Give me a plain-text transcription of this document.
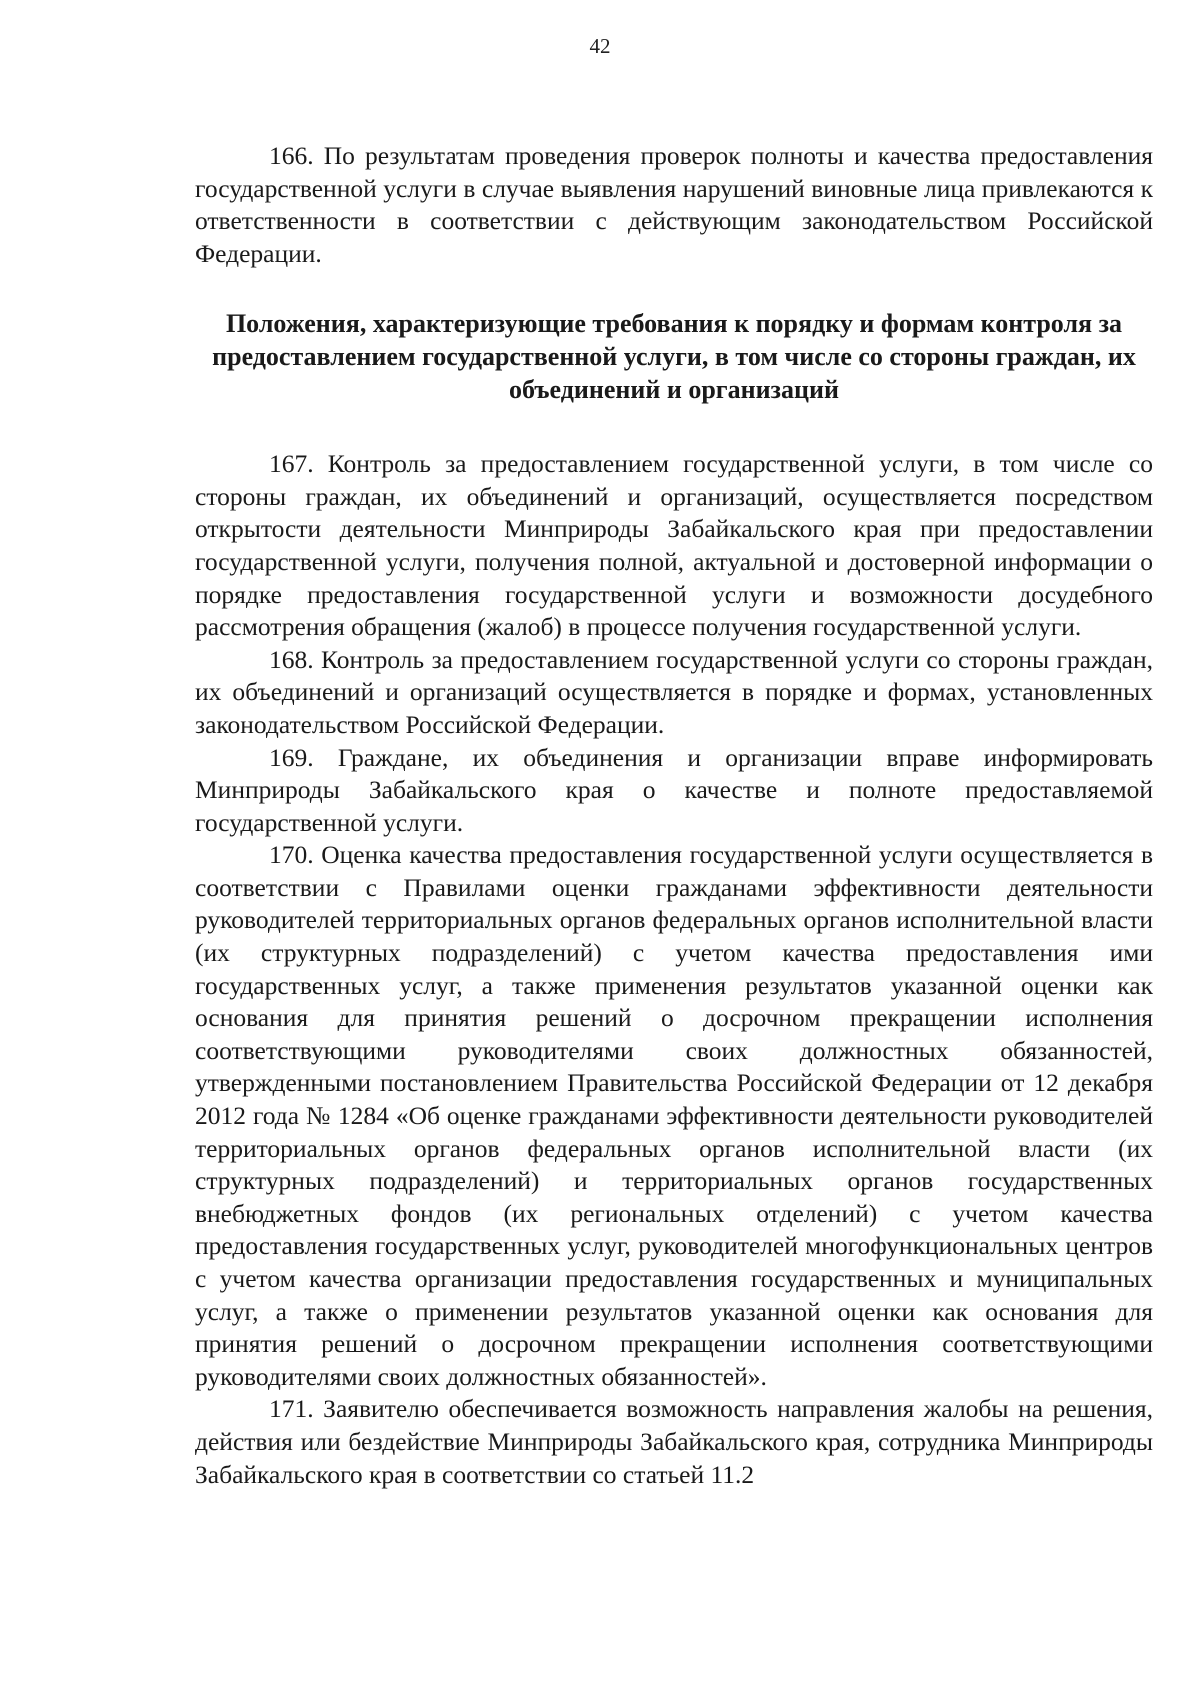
42

166. По результатам проведения проверок полноты и качества предоставления государственной услуги в случае выявления нарушений виновные лица привлекаются к ответственности в соответствии с действующим законодательством Российской Федерации.

Положения, характеризующие требования к порядку и формам контроля за предоставлением государственной услуги, в том числе со стороны граждан, их объединений и организаций

167. Контроль за предоставлением государственной услуги, в том числе со стороны граждан, их объединений и организаций, осуществляется посредством открытости деятельности Минприроды Забайкальского края при предоставлении государственной услуги, получения полной, актуальной и достоверной информации о порядке предоставления государственной услуги и возможности досудебного рассмотрения обращения (жалоб) в процессе получения государственной услуги.

168. Контроль за предоставлением государственной услуги со стороны граждан, их объединений и организаций осуществляется в порядке и формах, установленных законодательством Российской Федерации.

169. Граждане, их объединения и организации вправе информировать Минприроды Забайкальского края о качестве и полноте предоставляемой государственной услуги.

170. Оценка качества предоставления государственной услуги осуществляется в соответствии с Правилами оценки гражданами эффективности деятельности руководителей территориальных органов федеральных органов исполнительной власти (их структурных подразделений) с учетом качества предоставления ими государственных услуг, а также применения результатов указанной оценки как основания для принятия решений о досрочном прекращении исполнения соответствующими руководителями своих должностных обязанностей, утвержденными постановлением Правительства Российской Федерации от 12 декабря 2012 года № 1284 «Об оценке гражданами эффективности деятельности руководителей территориальных органов федеральных органов исполнительной власти (их структурных подразделений) и территориальных органов государственных внебюджетных фондов (их региональных отделений) с учетом качества предоставления государственных услуг, руководителей многофункциональных центров с учетом качества организации предоставления государственных и муниципальных услуг, а также о применении результатов указанной оценки как основания для принятия решений о досрочном прекращении исполнения соответствующими руководителями своих должностных обязанностей».

171. Заявителю обеспечивается возможность направления жалобы на решения, действия или бездействие Минприроды Забайкальского края, сотрудника Минприроды Забайкальского края в соответствии со статьей 11.2
